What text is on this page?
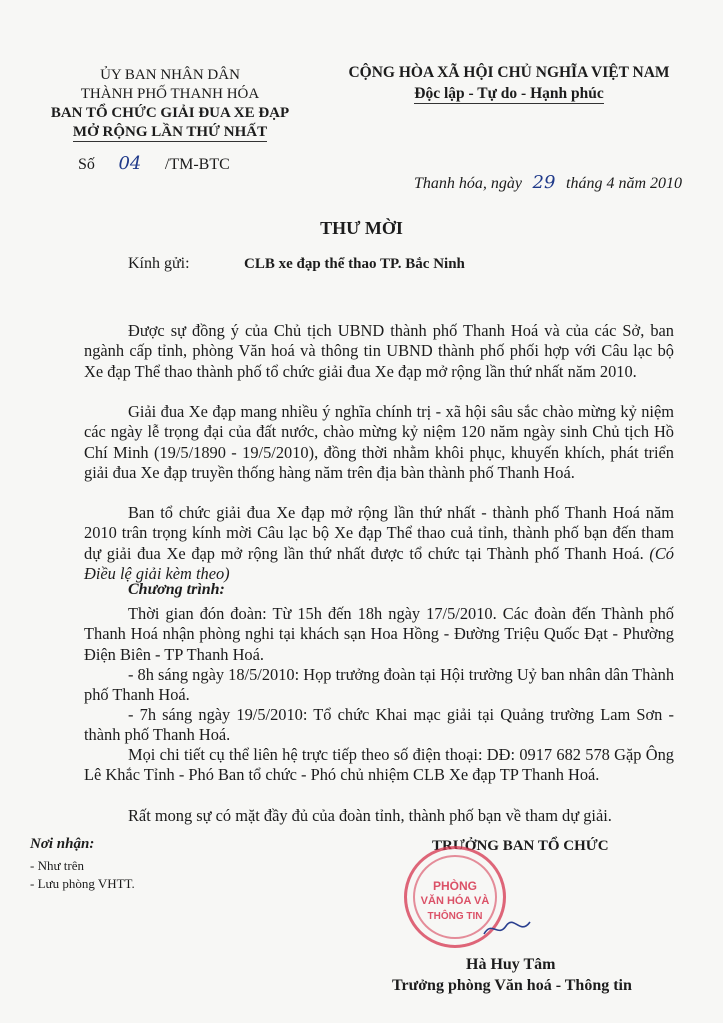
ỦY BAN NHÂN DÂN
THÀNH PHỐ THANH HÓA
BAN TỔ CHỨC GIẢI ĐUA XE ĐẠP
MỞ RỘNG LẦN THỨ NHẤT
CỘNG HÒA XÃ HỘI CHỦ NGHĨA VIỆT NAM
Độc lập - Tự do - Hạnh phúc
Số 04 /TM-BTC
Thanh hóa, ngày 29 tháng 4 năm 2010
THƯ MỜI
Kính gửi:	CLB xe đạp thể thao TP. Bắc Ninh
Được sự đồng ý của Chủ tịch UBND thành phố Thanh Hoá và của các Sở, ban ngành cấp tỉnh, phòng Văn hoá và thông tin UBND thành phố phối hợp với Câu lạc bộ Xe đạp Thể thao thành phố tổ chức giải đua Xe đạp mở rộng lần thứ nhất năm 2010.
Giải đua Xe đạp mang nhiều ý nghĩa chính trị - xã hội sâu sắc chào mừng kỷ niệm các ngày lễ trọng đại của đất nước, chào mừng kỷ niệm 120 năm ngày sinh Chủ tịch Hồ Chí Minh (19/5/1890 - 19/5/2010), đồng thời nhằm khôi phục, khuyến khích, phát triển giải đua Xe đạp truyền thống hàng năm trên địa bàn thành phố Thanh Hoá.
Ban tổ chức giải đua Xe đạp mở rộng lần thứ nhất - thành phố Thanh Hoá năm 2010 trân trọng kính mời Câu lạc bộ Xe đạp Thể thao cuả tỉnh, thành phố bạn đến tham dự giải đua Xe đạp mở rộng lần thứ nhất được tổ chức tại Thành phố Thanh Hoá. (Có Điều lệ giải kèm theo)
Chương trình:
Thời gian đón đoàn: Từ 15h đến 18h ngày 17/5/2010. Các đoàn đến Thành phố Thanh Hoá nhận phòng nghi tại khách sạn Hoa Hồng - Đường Triệu Quốc Đạt - Phường Điện Biên - TP Thanh Hoá.
- 8h sáng ngày 18/5/2010: Họp trưởng đoàn tại Hội trường Uỷ ban nhân dân Thành phố Thanh Hoá.
- 7h sáng ngày 19/5/2010: Tổ chức Khai mạc giải tại Quảng trường Lam Sơn - thành phố Thanh Hoá.
Mọi chi tiết cụ thể liên hệ trực tiếp theo số điện thoại: DĐ: 0917 682 578 Gặp Ông Lê Khắc Tỉnh - Phó Ban tổ chức - Phó chủ nhiệm CLB Xe đạp TP Thanh Hoá.
Rất mong sự có mặt đầy đủ của đoàn tỉnh, thành phố bạn về tham dự giải.
Nơi nhận:
- Như trên
- Lưu phòng VHTT.
TRƯỞNG BAN TỔ CHỨC
PHÒNG
VĂN HÓA VÀ
THÔNG TIN
Hà Huy Tâm
Trưởng phòng Văn hoá - Thông tin
